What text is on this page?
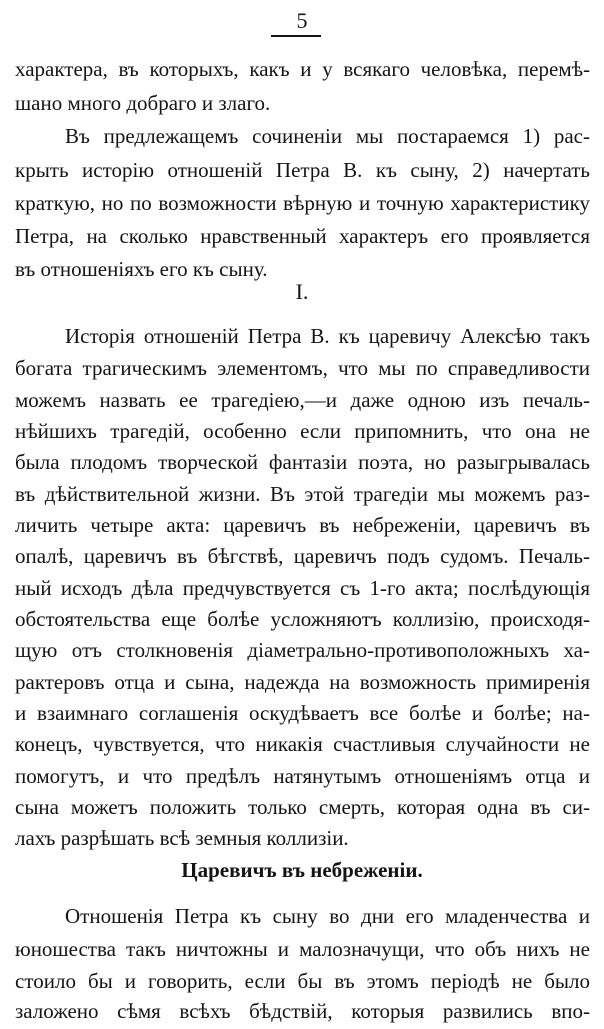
5
характера, въ которыхъ, какъ и у всякаго человѣка, перемѣ-
шано много добраго и злаго.
Въ предлежащемъ сочиненіи мы постараемся 1) рас-
крыть исторію отношеній Петра В. къ сыну, 2) начертать
краткую, но по возможности вѣрную и точную характеристику
Петра, на сколько нравственный характеръ его проявляется
въ отношеніяхъ его къ сыну.
I.
Исторія отношеній Петра В. къ царевичу Алексѣю такъ
богата трагическимъ элементомъ, что мы по справедливости
можемъ назвать ее трагедіею,—и даже одною изъ печаль-
нѣйшихъ трагедій, особенно если припомнить, что она не
была плодомъ творческой фантазіи поэта, но разыгрывалась
въ дѣйствительной жизни. Въ этой трагедіи мы можемъ раз-
личить четыре акта: царевичъ въ небреженіи, царевичъ въ
опалѣ, царевичъ въ бѣгствѣ, царевичъ подъ судомъ. Печаль-
ный исходъ дѣла предчувствуется съ 1-го акта; послѣдующія
обстоятельства еще болѣе усложняютъ коллизію, происходя-
щую отъ столкновенія діаметрально-противоположныхъ ха-
рактеровъ отца и сына, надежда на возможность примиренія
и взаимнаго соглашенія оскудѣваетъ все болѣе и болѣе; на-
конецъ, чувствуется, что никакія счастливыя случайности не
помогутъ, и что предѣлъ натянутымъ отношеніямъ отца и
сына можетъ положить только смерть, которая одна въ си-
лахъ разрѣшать всѣ земныя коллизіи.
Царевичъ въ небреженіи.
Отношенія Петра къ сыну во дни его младенчества и
юношества такъ ничтожны и малозначущи, что объ нихъ не
стоило бы и говорить, если бы въ этомъ періодѣ не было
заложено сѣмя всѣхъ бѣдствій, которыя развились впо-
